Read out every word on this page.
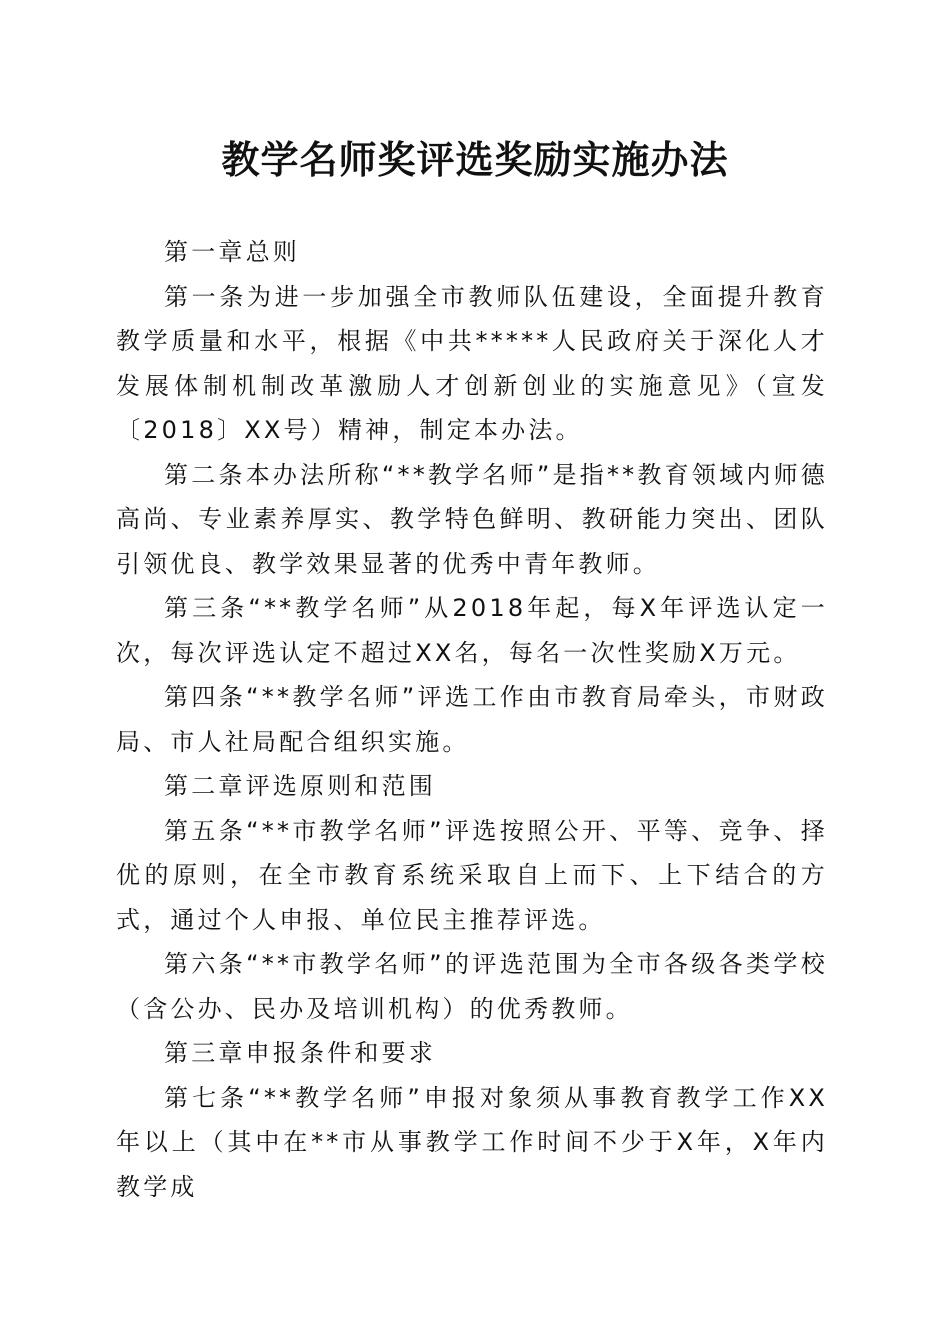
教学名师奖评选奖励实施办法

第一章总则

第一条为进一步加强全市教师队伍建设，全面提升教育教学质量和水平，根据《中共*****人民政府关于深化人才发展体制机制改革激励人才创新创业的实施意见》（宣发〔2018〕XX号）精神，制定本办法。

第二条本办法所称“**教学名师”是指**教育领域内师德高尚、专业素养厚实、教学特色鲜明、教研能力突出、团队引领优良、教学效果显著的优秀中青年教师。

第三条“**教学名师”从2018年起，每X年评选认定一次，每次评选认定不超过XX名，每名一次性奖励X万元。

第四条“**教学名师”评选工作由市教育局牵头，市财政局、市人社局配合组织实施。

第二章评选原则和范围

第五条“**市教学名师”评选按照公开、平等、竞争、择优的原则，在全市教育系统采取自上而下、上下结合的方式，通过个人申报、单位民主推荐评选。

第六条“**市教学名师”的评选范围为全市各级各类学校（含公办、民办及培训机构）的优秀教师。

第三章申报条件和要求

第七条“**教学名师”申报对象须从事教育教学工作XX年以上（其中在**市从事教学工作时间不少于X年，X年内教学成
